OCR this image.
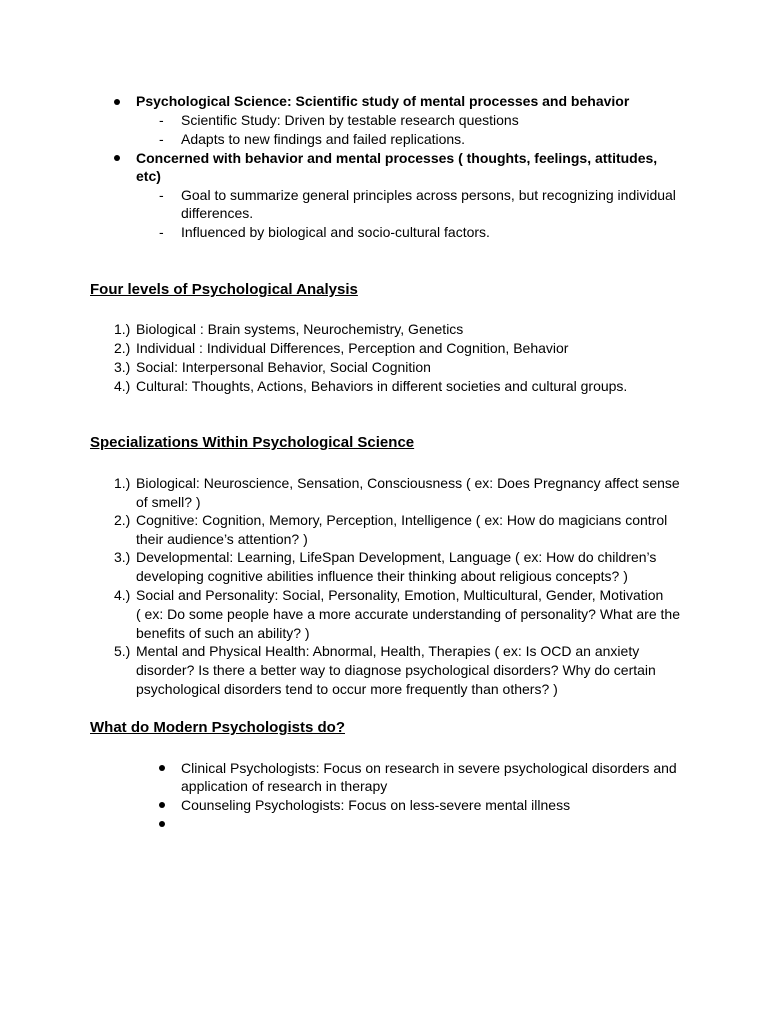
Psychological Science: Scientific study of mental processes and behavior
- Scientific Study: Driven by testable research questions
- Adapts to new findings and failed replications.
Concerned with behavior and mental processes ( thoughts, feelings, attitudes,
etc)
- Goal to summarize general principles across persons, but recognizing individual
differences.
- Influenced by biological and socio-cultural factors.
Four levels of Psychological Analysis
1.) Biological : Brain systems, Neurochemistry, Genetics
2.) Individual : Individual Differences, Perception and Cognition, Behavior
3.) Social: Interpersonal Behavior, Social Cognition
4.) Cultural: Thoughts, Actions, Behaviors in different societies and cultural groups.
Specializations Within Psychological Science
1.) Biological: Neuroscience, Sensation, Consciousness ( ex: Does Pregnancy affect sense
of smell? )
2.) Cognitive: Cognition, Memory, Perception, Intelligence ( ex: How do magicians control
their audience’s attention? )
3.) Developmental: Learning, LifeSpan Development, Language ( ex: How do children’s
developing cognitive abilities influence their thinking about religious concepts? )
4.) Social and Personality: Social, Personality, Emotion, Multicultural, Gender, Motivation
( ex: Do some people have a more accurate understanding of personality? What are the
benefits of such an ability? )
5.) Mental and Physical Health: Abnormal, Health, Therapies ( ex: Is OCD an anxiety
disorder? Is there a better way to diagnose psychological disorders? Why do certain
psychological disorders tend to occur more frequently than others? )
What do Modern Psychologists do?
Clinical Psychologists: Focus on research in severe psychological disorders and
application of research in therapy
Counseling Psychologists: Focus on less-severe mental illness
